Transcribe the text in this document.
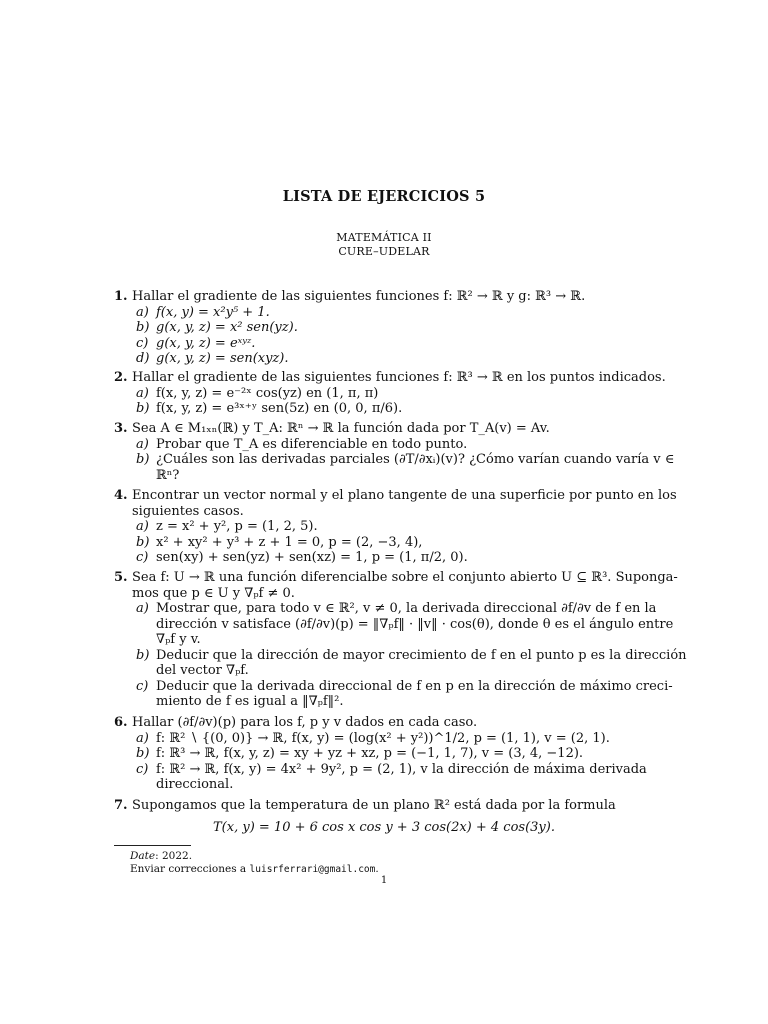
LISTA DE EJERCICIOS 5
MATEMÁTICA II
CURE–UDELAR
1. Hallar el gradiente de las siguientes funciones f: ℝ² → ℝ y g: ℝ³ → ℝ.
a) f(x, y) = x²y⁵ + 1.
b) g(x, y, z) = x² sen(yz).
c) g(x, y, z) = eˣʸᶻ.
d) g(x, y, z) = sen(xyz).
2. Hallar el gradiente de las siguientes funciones f: ℝ³ → ℝ en los puntos indicados.
a) f(x, y, z) = e⁻²ˣ cos(yz) en (1, π, π)
b) f(x, y, z) = e³ˣ⁺ʸ sen(5z) en (0, 0, π/6).
3. Sea A ∈ M₁ₓₙ(ℝ) y T_A: ℝⁿ → ℝ la función dada por T_A(v) = Av.
a) Probar que T_A es diferenciable en todo punto.
b) ¿Cuáles son las derivadas parciales (∂T/∂xᵢ)(v)? ¿Cómo varían cuando varía v ∈
ℝⁿ?
4. Encontrar un vector normal y el plano tangente de una superficie por punto en los
siguientes casos.
a) z = x² + y², p = (1, 2, 5).
b) x² + xy² + y³ + z + 1 = 0, p = (2, −3, 4),
c) sen(xy) + sen(yz) + sen(xz) = 1, p = (1, π/2, 0).
5. Sea f: U → ℝ una función diferencialbe sobre el conjunto abierto U ⊆ ℝ³. Suponga-
mos que p ∈ U y ∇ₚf ≠ 0.
a) Mostrar que, para todo v ∈ ℝ², v ≠ 0, la derivada direccional ∂f/∂v de f en la
dirección v satisface (∂f/∂v)(p) = ‖∇ₚf‖ · ‖v‖ · cos(θ), donde θ es el ángulo entre
∇ₚf y v.
b) Deducir que la dirección de mayor crecimiento de f en el punto p es la dirección
del vector ∇ₚf.
c) Deducir que la derivada direccional de f en p en la dirección de máximo creci-
miento de f es igual a ‖∇ₚf‖².
6. Hallar (∂f/∂v)(p) para los f, p y v dados en cada caso.
a) f: ℝ² ∖ {(0, 0)} → ℝ, f(x, y) = (log(x² + y²))^1/2, p = (1, 1), v = (2, 1).
b) f: ℝ³ → ℝ, f(x, y, z) = xy + yz + xz, p = (−1, 1, 7), v = (3, 4, −12).
c) f: ℝ² → ℝ, f(x, y) = 4x² + 9y², p = (2, 1), v la dirección de máxima derivada
direccional.
7. Supongamos que la temperatura de un plano ℝ² está dada por la formula
T(x, y) = 10 + 6 cos x cos y + 3 cos(2x) + 4 cos(3y).
Date: 2022.
Enviar correcciones a luisrferrari@gmail.com.
1
